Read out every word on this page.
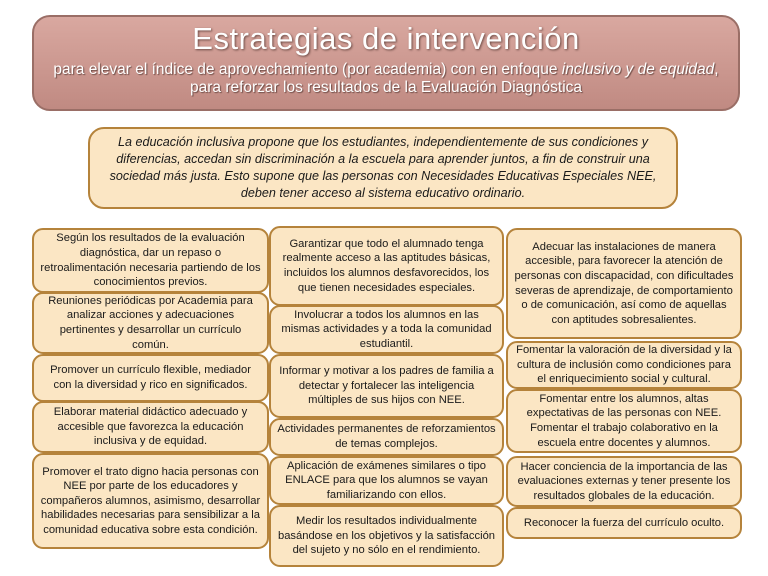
Estrategias de intervención
para elevar el índice de aprovechamiento (por academia) con en enfoque inclusivo y de equidad, para reforzar los resultados de la Evaluación Diagnóstica
La educación inclusiva propone que los estudiantes, independientemente de sus condiciones y diferencias, accedan sin discriminación a la escuela para aprender juntos, a fin de construir una sociedad más justa. Esto supone que las personas con Necesidades Educativas Especiales NEE, deben tener acceso al sistema educativo ordinario.
Según los resultados de la evaluación diagnóstica, dar un repaso o retroalimentación necesaria partiendo de los conocimientos previos.
Reuniones periódicas por Academia para analizar acciones y adecuaciones pertinentes y desarrollar un currículo común.
Promover un currículo flexible, mediador con la diversidad y rico en significados.
Elaborar material didáctico adecuado y accesible que favorezca la educación inclusiva y de equidad.
Promover el trato digno hacia personas con NEE por parte de los educadores y compañeros alumnos, asimismo, desarrollar habilidades necesarias para sensibilizar a la comunidad educativa sobre esta condición.
Garantizar que todo el alumnado tenga realmente acceso a las aptitudes básicas, incluidos los alumnos desfavorecidos, los que tienen necesidades especiales.
Involucrar a todos los alumnos en las mismas actividades y a toda la comunidad estudiantil.
Informar y motivar a los padres de familia a detectar y fortalecer las inteligencia múltiples de sus hijos con NEE.
Actividades permanentes de reforzamientos de temas complejos.
Aplicación de exámenes similares o tipo ENLACE para que los alumnos se vayan familiarizando con ellos.
Medir los resultados individualmente basándose en los objetivos y la satisfacción del sujeto y no sólo en el rendimiento.
Adecuar las instalaciones de manera accesible, para favorecer la atención de personas con discapacidad, con dificultades severas de aprendizaje, de comportamiento o de comunicación, así como de aquellas con aptitudes sobresalientes.
Fomentar la valoración de la diversidad y la cultura de inclusión como condiciones para el enriquecimiento social y cultural.
Fomentar entre los alumnos, altas expectativas de las personas con NEE. Fomentar el trabajo colaborativo en la escuela entre docentes y alumnos.
Hacer conciencia de la importancia de las evaluaciones externas y tener presente los resultados globales de la educación.
Reconocer la fuerza del currículo oculto.
